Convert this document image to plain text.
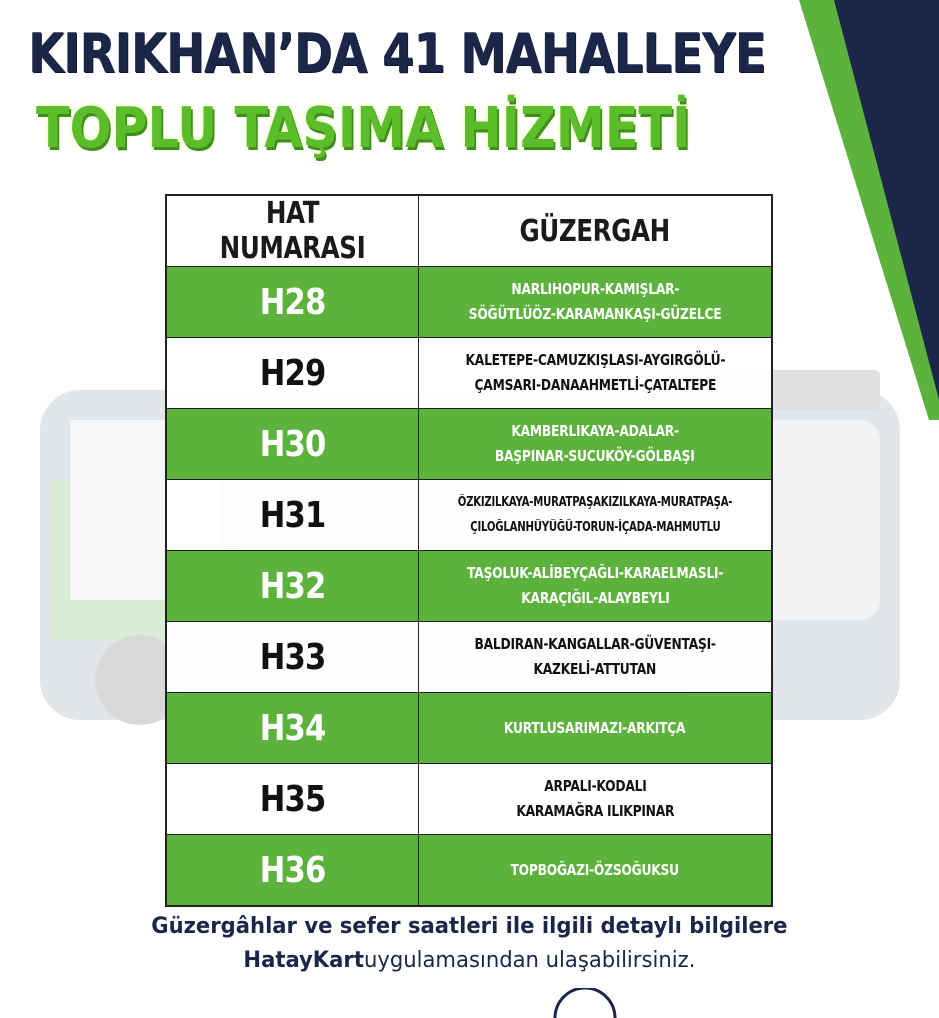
KIRIKHAN’DA 41 MAHALLEYE
TOPLU TAŞIMA HİZMETİ
HAT NUMARASI	GÜZERGAH
H28	NARLIHOPUR-KAMIŞLAR-
SÖĞÜTLÜÖZ-KARAMANKAŞI-GÜZELCE
H29	KALETEPE-CAMUZKIŞLASI-AYGIRGÖLÜ-
ÇAMSARI-DANAAHMETLİ-ÇATALTEPE
H30	KAMBERLIKAYA-ADALAR-
BAŞPINAR-SUCUKÖY-GÖLBAŞI
H31	ÖZKIZILKAYA-MURATPAŞAKIZILKAYA-MURATPAŞA-
ÇILOĞLANHÜYÜĞÜ-TORUN-İÇADA-MAHMUTLU
H32	TAŞOLUK-ALİBEYÇAĞLI-KARAELMASLI-
KARAÇIĞIL-ALAYBEYLI
H33	BALDIRAN-KANGALLAR-GÜVENTAŞI-
KAZKELİ-ATTUTAN
H34	KURTLUSARIMAZI-ARKITÇA
H35	ARPALI-KODALI
KARAMAĞRA ILIKPINAR
H36	TOPBOĞAZI-ÖZSOĞUKSU
Güzergâhlar ve sefer saatleri ile ilgili detaylı bilgilere
HatayKartuygulamasından ulaşabilirsiniz.
